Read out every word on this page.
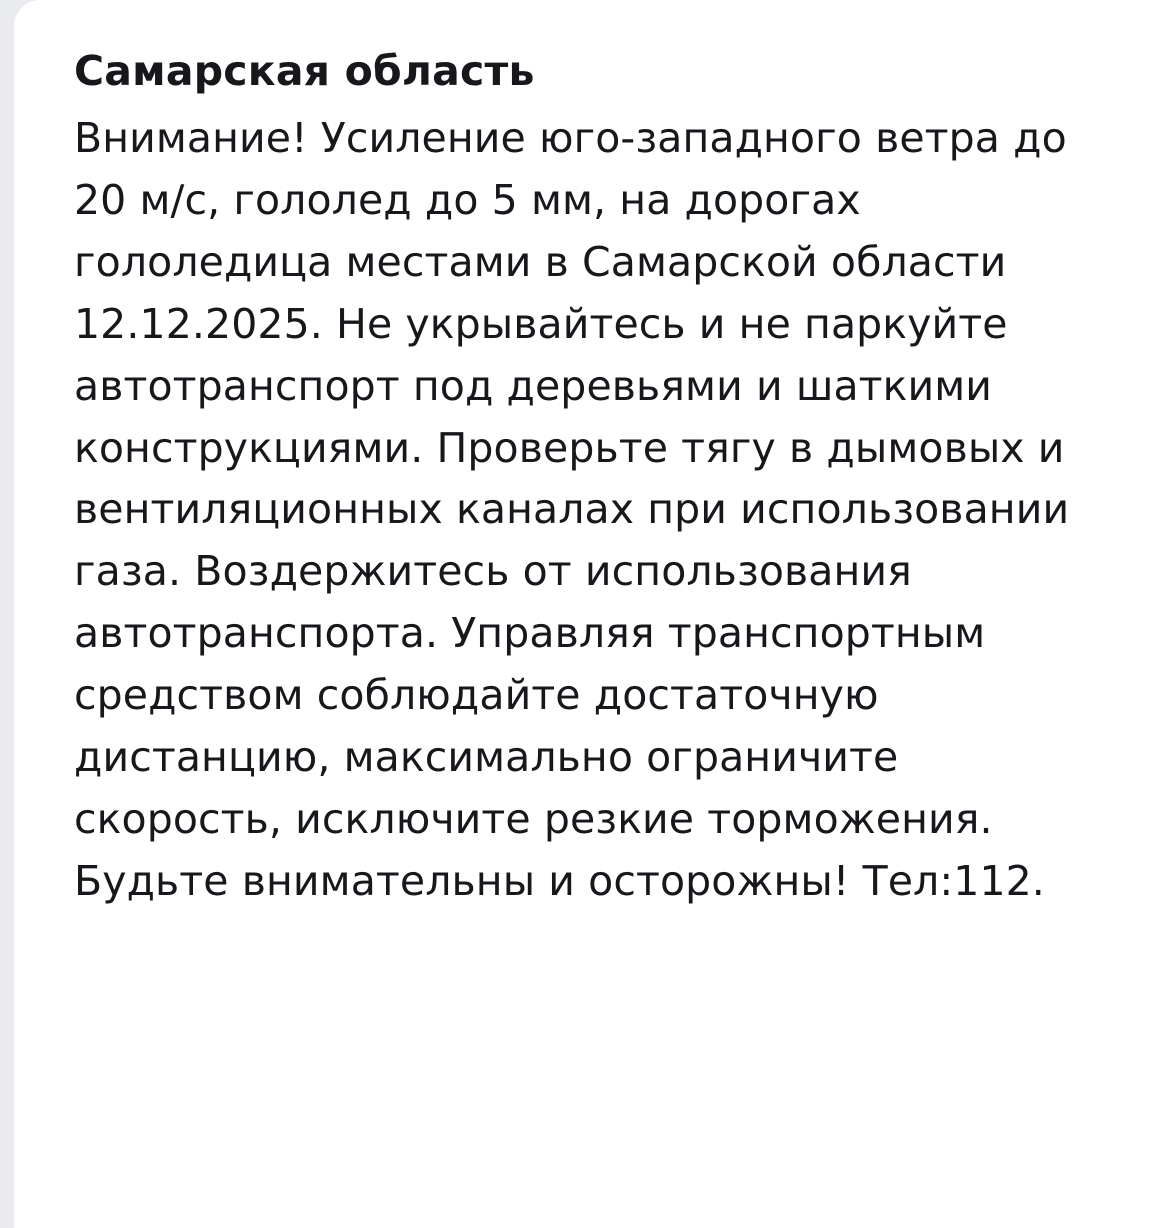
Самарская область

Внимание! Усиление юго-западного ветра до 20 м/с, гололед до 5 мм, на дорогах гололедица местами в Самарской области 12.12.2025. Не укрывайтесь и не паркуйте автотранспорт под деревьями и шаткими конструкциями. Проверьте тягу в дымовых и вентиляционных каналах при использовании газа. Воздержитесь от использования автотранспорта. Управляя транспортным средством соблюдайте достаточную дистанцию, максимально ограничите скорость, исключите резкие торможения. Будьте внимательны и осторожны! Тел:112.
